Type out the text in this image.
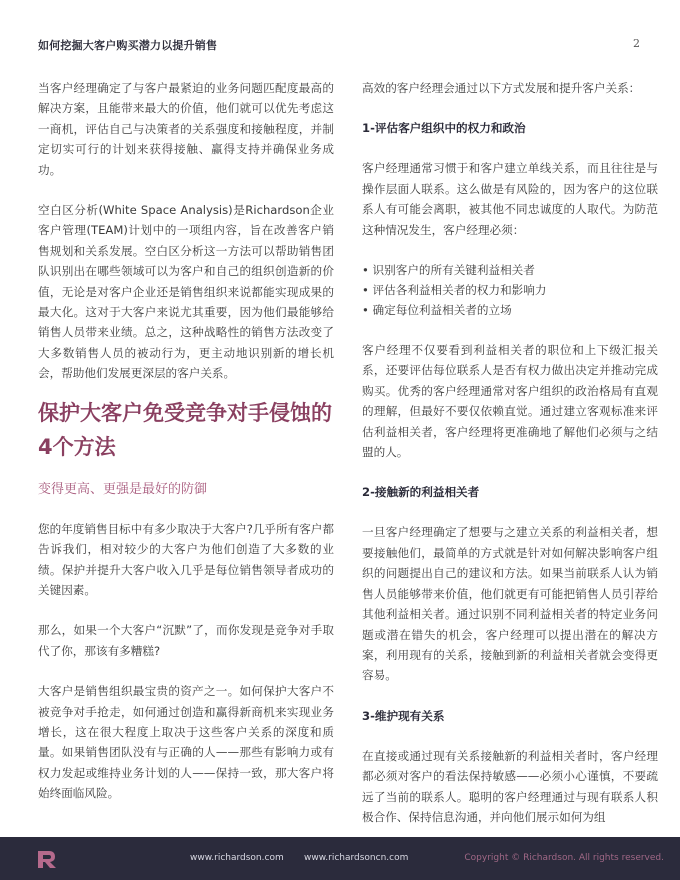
如何挖掘大客户购买潜力以提升销售	2

当客户经理确定了与客户最紧迫的业务问题匹配度最高的解决方案，且能带来最大的价值，他们就可以优先考虑这一商机，评估自己与决策者的关系强度和接触程度，并制定切实可行的计划来获得接触、赢得支持并确保业务成功。

空白区分析(White Space Analysis)是Richardson企业客户管理(TEAM)计划中的一项组内容，旨在改善客户销售规划和关系发展。空白区分析这一方法可以帮助销售团队识别出在哪些领域可以为客户和自己的组织创造新的价值，无论是对客户企业还是销售组织来说都能实现成果的最大化。这对于大客户来说尤其重要，因为他们最能够给销售人员带来业绩。总之，这种战略性的销售方法改变了大多数销售人员的被动行为，更主动地识别新的增长机会，帮助他们发展更深层的客户关系。

保护大客户免受竞争对手侵蚀的4个方法
变得更高、更强是最好的防御

您的年度销售目标中有多少取决于大客户?几乎所有客户都告诉我们，相对较少的大客户为他们创造了大多数的业绩。保护并提升大客户收入几乎是每位销售领导者成功的关键因素。

那么，如果一个大客户“沉默”了，而你发现是竞争对手取代了你，那该有多糟糕?

大客户是销售组织最宝贵的资产之一。如何保护大客户不被竞争对手抢走，如何通过创造和赢得新商机来实现业务增长，这在很大程度上取决于这些客户关系的深度和质量。如果销售团队没有与正确的人——那些有影响力或有权力发起或维持业务计划的人——保持一致，那大客户将始终面临风险。

高效的客户经理会通过以下方式发展和提升客户关系：

1-评估客户组织中的权力和政治

客户经理通常习惯于和客户建立单线关系，而且往往是与操作层面人联系。这么做是有风险的，因为客户的这位联系人有可能会离职，被其他不同忠诚度的人取代。为防范这种情况发生，客户经理必须：

• 识别客户的所有关键利益相关者
• 评估各利益相关者的权力和影响力
• 确定每位利益相关者的立场

客户经理不仅要看到利益相关者的职位和上下级汇报关系，还要评估每位联系人是否有权力做出决定并推动完成购买。优秀的客户经理通常对客户组织的政治格局有直观的理解，但最好不要仅依赖直觉。通过建立客观标准来评估利益相关者，客户经理将更准确地了解他们必须与之结盟的人。

2-接触新的利益相关者

一旦客户经理确定了想要与之建立关系的利益相关者，想要接触他们，最简单的方式就是针对如何解决影响客户组织的问题提出自己的建议和方法。如果当前联系人认为销售人员能够带来价值，他们就更有可能把销售人员引荐给其他利益相关者。通过识别不同利益相关者的特定业务问题或潜在错失的机会，客户经理可以提出潜在的解决方案，利用现有的关系，接触到新的利益相关者就会变得更容易。

3-维护现有关系

在直接或通过现有关系接触新的利益相关者时，客户经理都必须对客户的看法保持敏感——必须小心谨慎，不要疏远了当前的联系人。聪明的客户经理通过与现有联系人积极合作、保持信息沟通，并向他们展示如何为组

www.richardson.com www.richardsoncn.com	Copyright © Richardson. All rights reserved.
